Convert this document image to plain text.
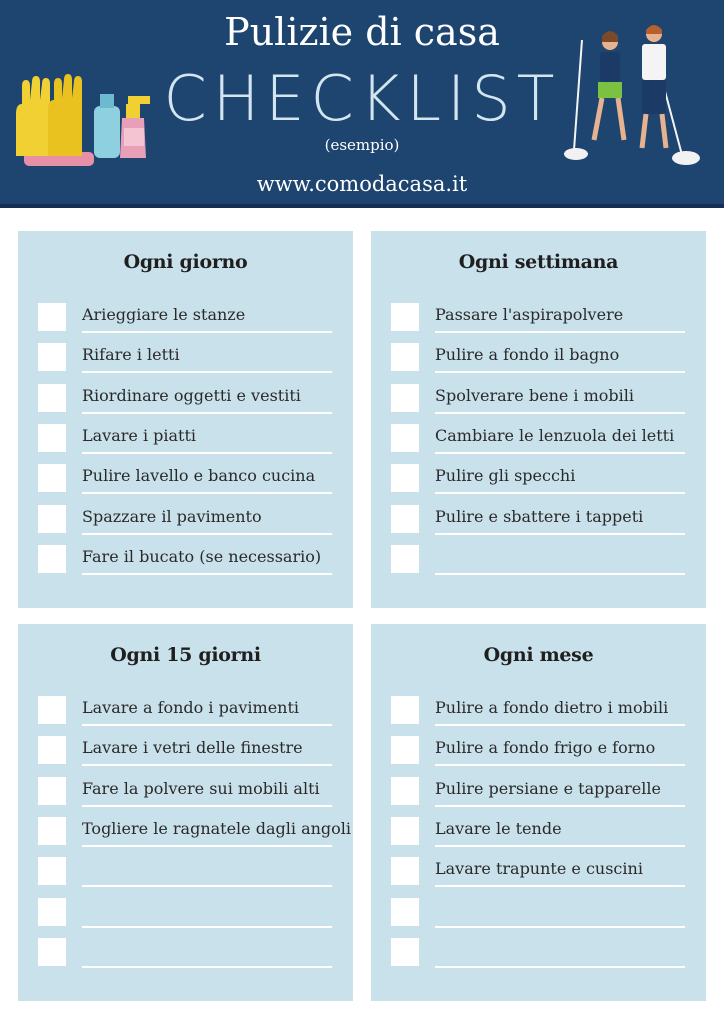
Pulizie di casa
CHECKLIST
(esempio)
www.comodacasa.it
Ogni giorno
Arieggiare le stanze
Rifare i letti
Riordinare oggetti e vestiti
Lavare i piatti
Pulire lavello e banco cucina
Spazzare il pavimento
Fare il bucato (se necessario)
Ogni settimana
Passare l'aspirapolvere
Pulire a fondo il bagno
Spolverare bene i mobili
Cambiare le lenzuola dei letti
Pulire gli specchi
Pulire e sbattere i tappeti
Ogni 15 giorni
Lavare a fondo i pavimenti
Lavare i vetri delle finestre
Fare la polvere sui mobili alti
Togliere le ragnatele dagli angoli
Ogni mese
Pulire a fondo dietro i mobili
Pulire a fondo frigo e forno
Pulire persiane e tapparelle
Lavare le tende
Lavare trapunte e cuscini
